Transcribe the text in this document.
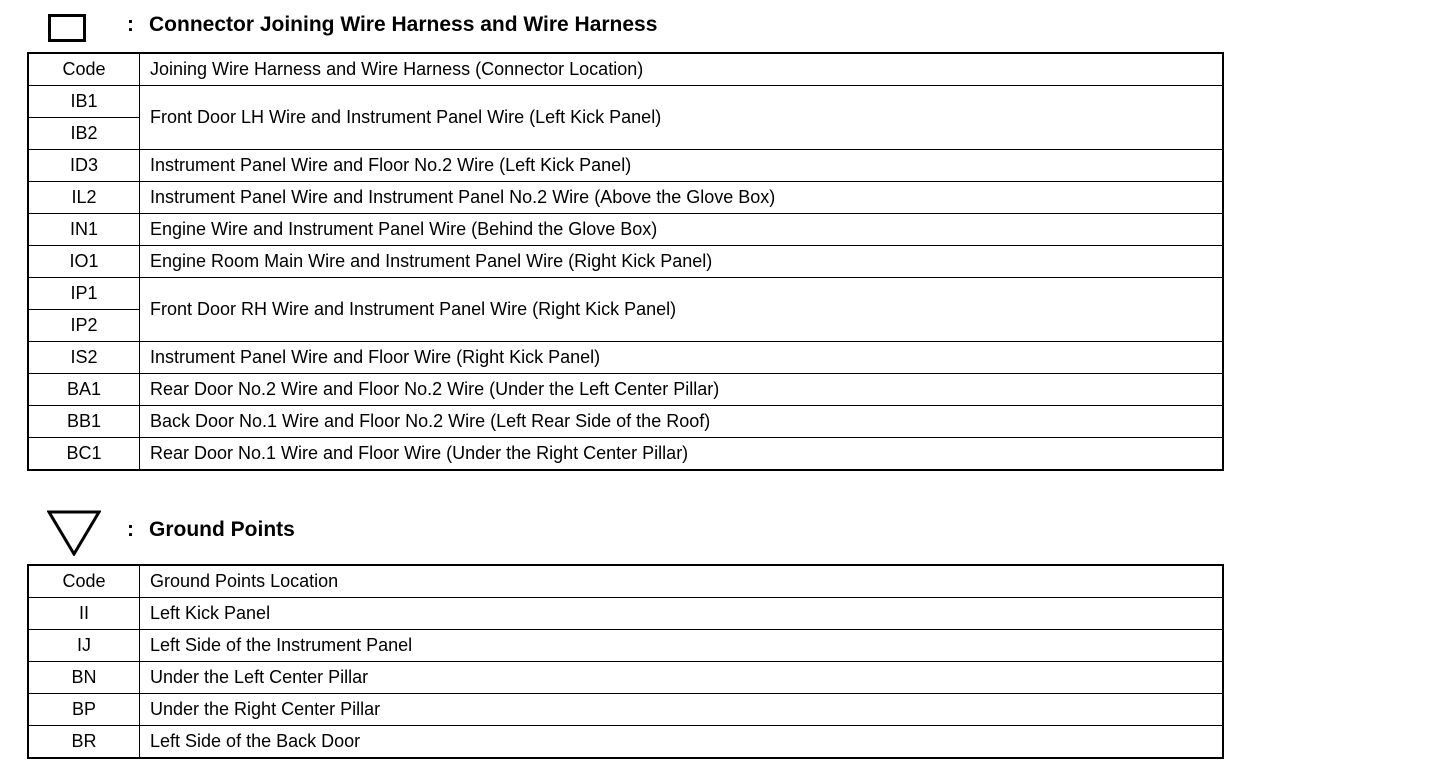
: Connector Joining Wire Harness and Wire Harness
Code	Joining Wire Harness and Wire Harness (Connector Location)
IB1	Front Door LH Wire and Instrument Panel Wire (Left Kick Panel)
IB2	
ID3	Instrument Panel Wire and Floor No.2 Wire (Left Kick Panel)
IL2	Instrument Panel Wire and Instrument Panel No.2 Wire (Above the Glove Box)
IN1	Engine Wire and Instrument Panel Wire (Behind the Glove Box)
IO1	Engine Room Main Wire and Instrument Panel Wire (Right Kick Panel)
IP1	Front Door RH Wire and Instrument Panel Wire (Right Kick Panel)
IP2	
IS2	Instrument Panel Wire and Floor Wire (Right Kick Panel)
BA1	Rear Door No.2 Wire and Floor No.2 Wire (Under the Left Center Pillar)
BB1	Back Door No.1 Wire and Floor No.2 Wire (Left Rear Side of the Roof)
BC1	Rear Door No.1 Wire and Floor Wire (Under the Right Center Pillar)
: Ground Points
Code	Ground Points Location
II	Left Kick Panel
IJ	Left Side of the Instrument Panel
BN	Under the Left Center Pillar
BP	Under the Right Center Pillar
BR	Left Side of the Back Door
